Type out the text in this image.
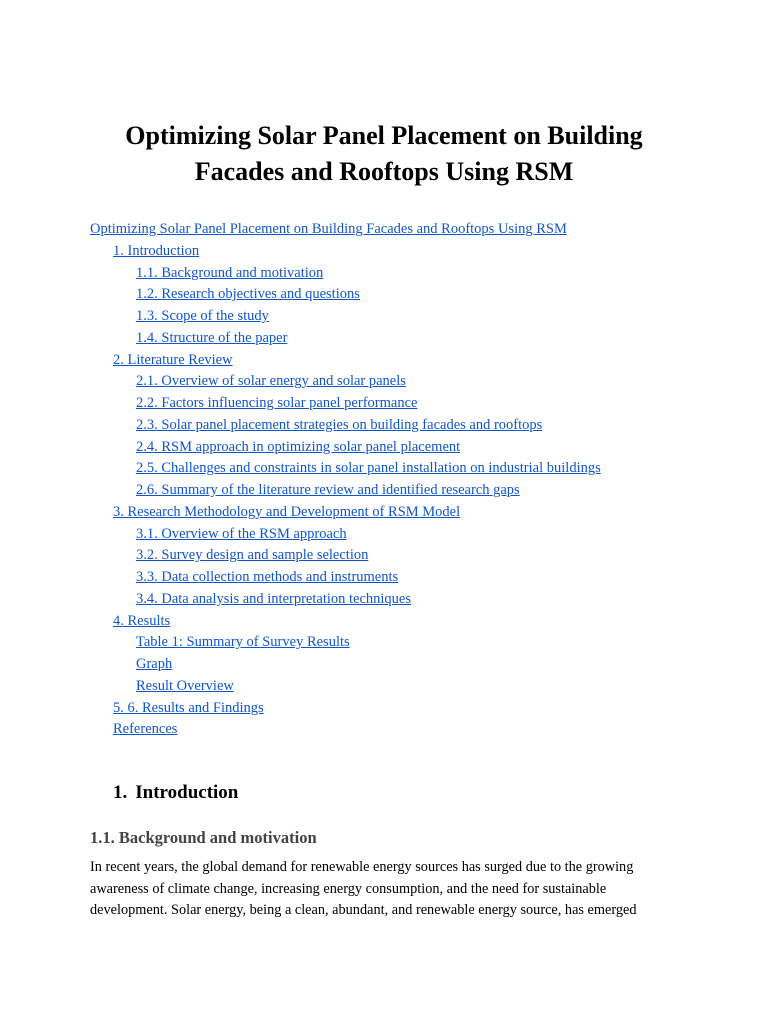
Optimizing Solar Panel Placement on Building
Facades and Rooftops Using RSM
Optimizing Solar Panel Placement on Building Facades and Rooftops Using RSM
1. Introduction
1.1. Background and motivation
1.2. Research objectives and questions
1.3. Scope of the study
1.4. Structure of the paper
2. Literature Review
2.1. Overview of solar energy and solar panels
2.2. Factors influencing solar panel performance
2.3. Solar panel placement strategies on building facades and rooftops
2.4. RSM approach in optimizing solar panel placement
2.5. Challenges and constraints in solar panel installation on industrial buildings
2.6. Summary of the literature review and identified research gaps
3. Research Methodology and Development of RSM Model
3.1. Overview of the RSM approach
3.2. Survey design and sample selection
3.3. Data collection methods and instruments
3.4. Data analysis and interpretation techniques
4. Results
Table 1: Summary of Survey Results
Graph
Result Overview
5. 6. Results and Findings
References
1. Introduction
1.1. Background and motivation

In recent years, the global demand for renewable energy sources has surged due to the growing
awareness of climate change, increasing energy consumption, and the need for sustainable
development. Solar energy, being a clean, abundant, and renewable energy source, has emerged
